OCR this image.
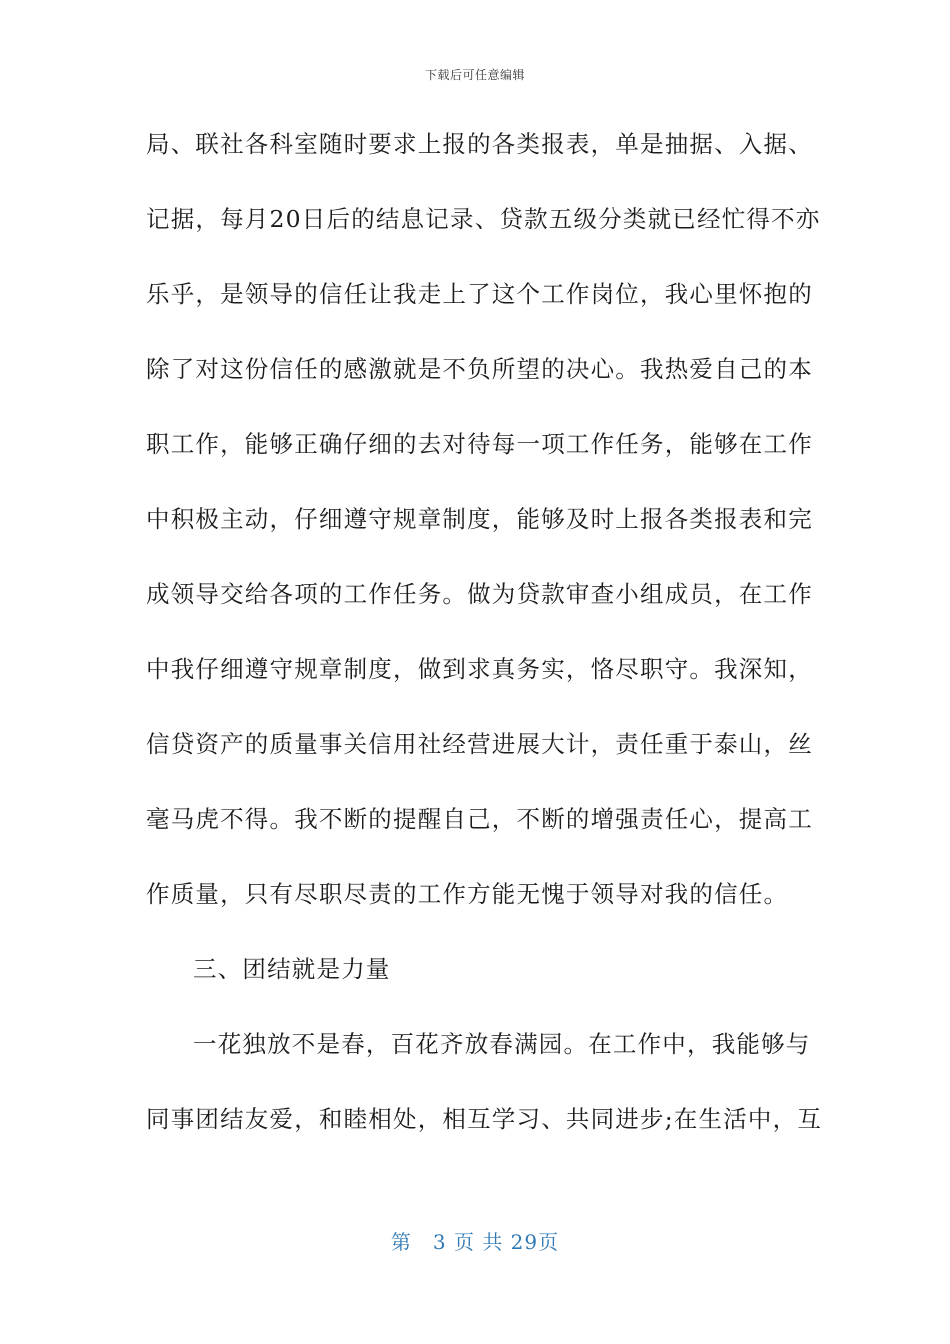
下载后可任意编辑
局、联社各科室随时要求上报的各类报表，单是抽据、入据、
记据，每月20日后的结息记录、贷款五级分类就已经忙得不亦
乐乎，是领导的信任让我走上了这个工作岗位，我心里怀抱的
除了对这份信任的感激就是不负所望的决心。我热爱自己的本
职工作，能够正确仔细的去对待每一项工作任务，能够在工作
中积极主动，仔细遵守规章制度，能够及时上报各类报表和完
成领导交给各项的工作任务。做为贷款审查小组成员，在工作
中我仔细遵守规章制度，做到求真务实，恪尽职守。我深知，
信贷资产的质量事关信用社经营进展大计，责任重于泰山，丝
毫马虎不得。我不断的提醒自己，不断的增强责任心，提高工
作质量，只有尽职尽责的工作方能无愧于领导对我的信任。
三、团结就是力量
一花独放不是春，百花齐放春满园。在工作中，我能够与
同事团结友爱，和睦相处，相互学习、共同进步;在生活中，互
第　3 页 共 29页
